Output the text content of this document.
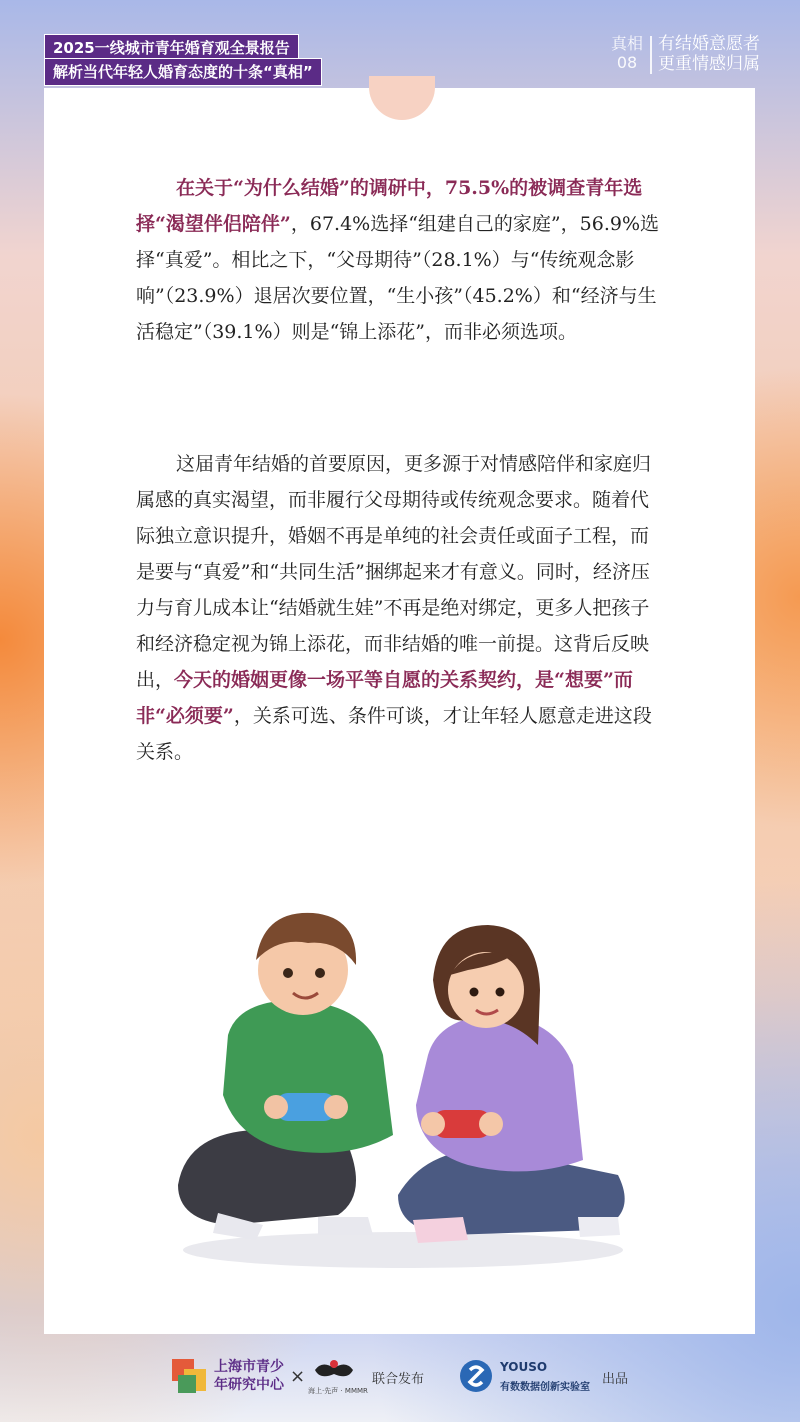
2025一线城市青年婚育观全景报告
解析当代年轻人婚育态度的十条“真相”
真相
08
有结婚意愿者
更重情感归属
在关于“为什么结婚”的调研中，75.5%的被调查青年选择“渴望伴侣陪伴”，67.4%选择“组建自己的家庭”，56.9%选择“真爱”。相比之下，“父母期待”（28.1%）与“传统观念影响”（23.9%）退居次要位置，“生小孩”（45.2%）和“经济与生活稳定”（39.1%）则是“锦上添花”，而非必须选项。
这届青年结婚的首要原因，更多源于对情感陪伴和家庭归属感的真实渴望，而非履行父母期待或传统观念要求。随着代际独立意识提升，婚姻不再是单纯的社会责任或面子工程，而是要与“真爱”和“共同生活”捆绑起来才有意义。同时，经济压力与育儿成本让“结婚就生娃”不再是绝对绑定，更多人把孩子和经济稳定视为锦上添花，而非结婚的唯一前提。这背后反映出，今天的婚姻更像一场平等自愿的关系契约，是“想要”而非“必须要”，关系可选、条件可谈，才让年轻人愿意走进这段关系。
上海市青少
年研究中心 ×
海上·先声 · MMMR
联合发布
YOUSO
有数数据创新实验室
出品
